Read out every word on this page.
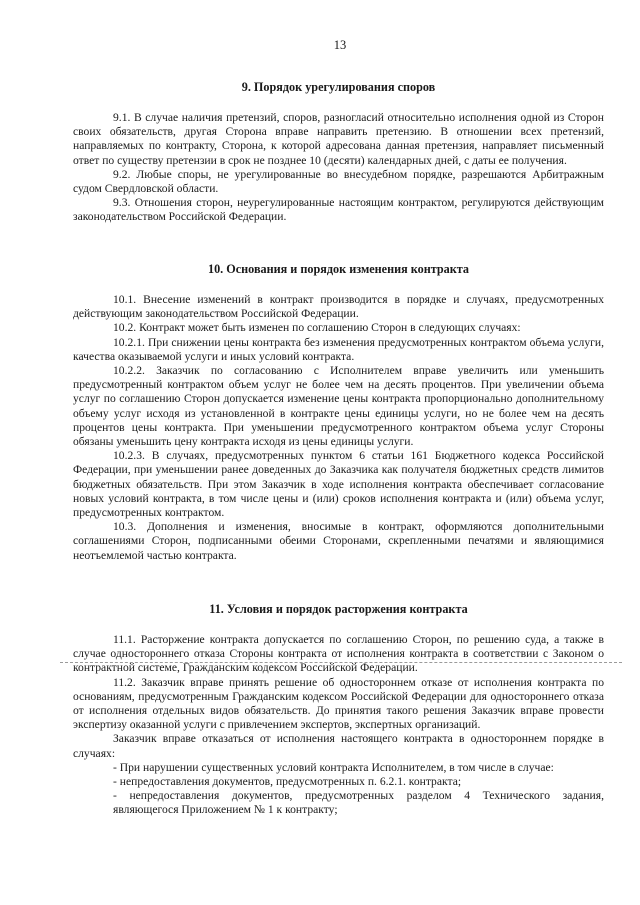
13

9. Порядок урегулирования споров

9.1. В случае наличия претензий, споров, разногласий относительно исполнения одной из Сторон своих обязательств, другая Сторона вправе направить претензию. В отношении всех претензий, направляемых по контракту, Сторона, к которой адресована данная претензия, направляет письменный ответ по существу претензии в срок не позднее 10 (десяти) календарных дней, с даты ее получения.

9.2. Любые споры, не урегулированные во внесудебном порядке, разрешаются Арбитражным судом Свердловской области.

9.3. Отношения сторон, неурегулированные настоящим контрактом, регулируются действующим законодательством Российской Федерации.

10. Основания и порядок изменения контракта

10.1. Внесение изменений в контракт производится в порядке и случаях, предусмотренных действующим законодательством Российской Федерации.

10.2. Контракт может быть изменен по соглашению Сторон в следующих случаях:

10.2.1. При снижении цены контракта без изменения предусмотренных контрактом объема услуги, качества оказываемой услуги и иных условий контракта.

10.2.2. Заказчик по согласованию с Исполнителем вправе увеличить или уменьшить предусмотренный контрактом объем услуг не более чем на десять процентов. При увеличении объема услуг по соглашению Сторон допускается изменение цены контракта пропорционально дополнительному объему услуг исходя из установленной в контракте цены единицы услуги, но не более чем на десять процентов цены контракта. При уменьшении предусмотренного контрактом объема услуг Стороны обязаны уменьшить цену контракта исходя из цены единицы услуги.

10.2.3. В случаях, предусмотренных пунктом 6 статьи 161 Бюджетного кодекса Российской Федерации, при уменьшении ранее доведенных до Заказчика как получателя бюджетных средств лимитов бюджетных обязательств. При этом Заказчик в ходе исполнения контракта обеспечивает согласование новых условий контракта, в том числе цены и (или) сроков исполнения контракта и (или) объема услуг, предусмотренных контрактом.

10.3. Дополнения и изменения, вносимые в контракт, оформляются дополнительными соглашениями Сторон, подписанными обеими Сторонами, скрепленными печатями и являющимися неотъемлемой частью контракта.

11. Условия и порядок расторжения контракта

11.1. Расторжение контракта допускается по соглашению Сторон, по решению суда, а также в случае одностороннего отказа Стороны контракта от исполнения контракта в соответствии с Законом о контрактной системе, Гражданским кодексом Российской Федерации.

11.2. Заказчик вправе принять решение об одностороннем отказе от исполнения контракта по основаниям, предусмотренным Гражданским кодексом Российской Федерации для одностороннего отказа от исполнения отдельных видов обязательств. До принятия такого решения Заказчик вправе провести экспертизу оказанной услуги с привлечением экспертов, экспертных организаций.

Заказчик вправе отказаться от исполнения настоящего контракта в одностороннем порядке в случаях:

- При нарушении существенных условий контракта Исполнителем, в том числе в случае:

- непредоставления документов, предусмотренных п. 6.2.1. контракта;

- непредоставления документов, предусмотренных разделом 4 Технического задания, являющегося Приложением № 1 к контракту;
